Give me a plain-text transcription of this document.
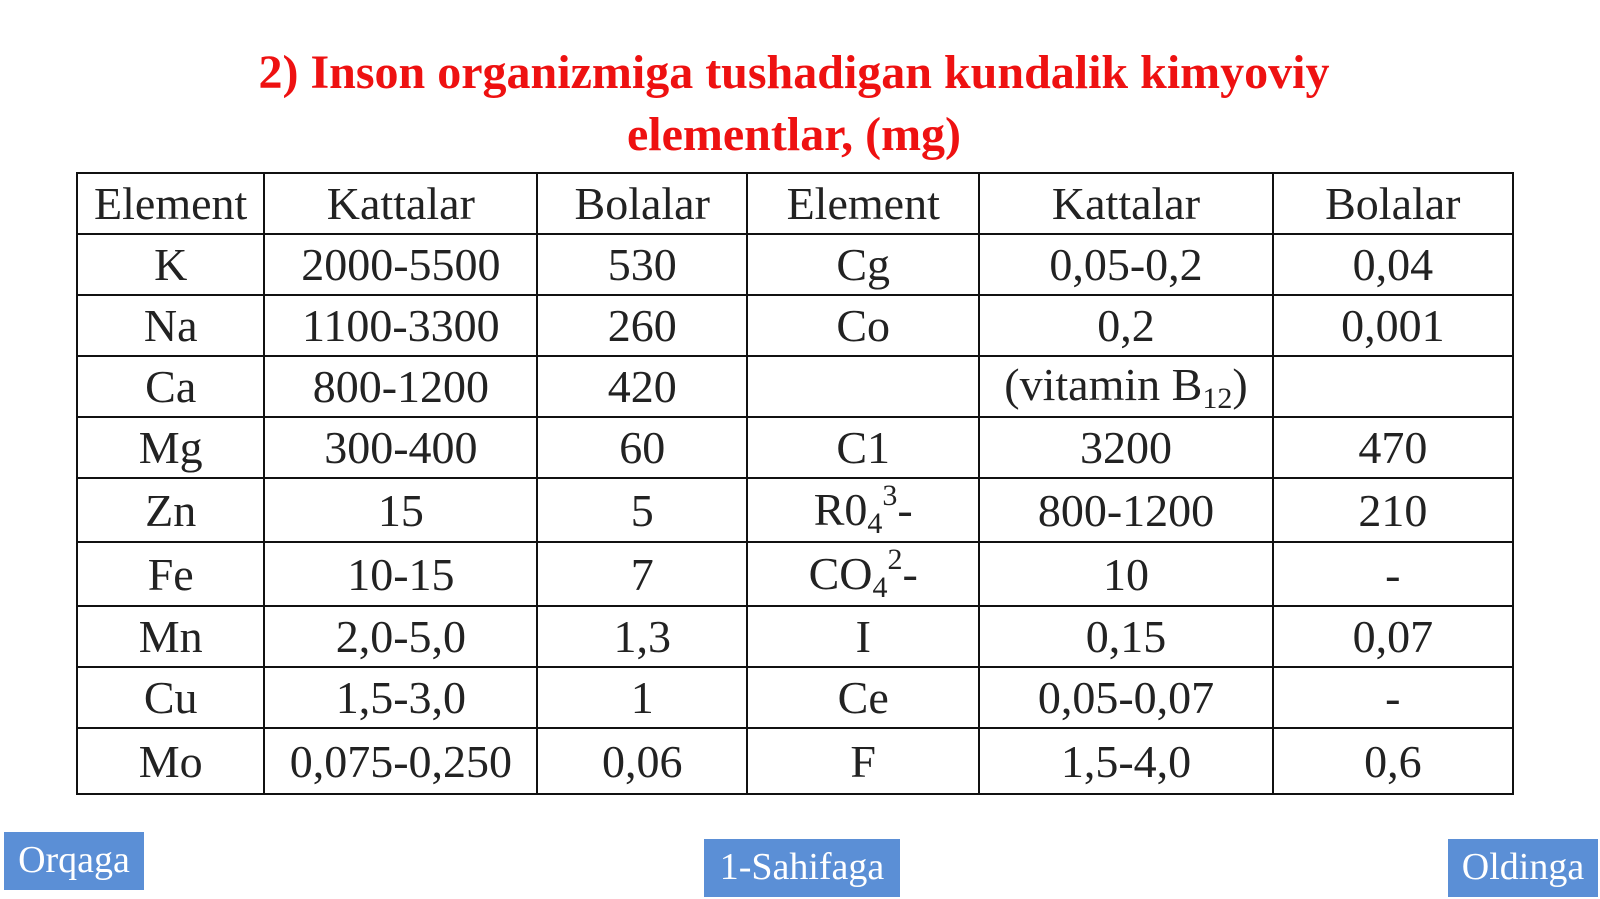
2) Inson organizmiga tushadigan kundalik kimyoviy
elementlar, (mg)
Element	Kattalar	Bolalar	Element	Kattalar	Bolalar
K	2000-5500	530	Cg	0,05-0,2	0,04
Na	1100-3300	260	Co	0,2	0,001
Ca	800-1200	420		(vitamin $B_{12}$)	
Mg	300-400	60	C1	3200	470
Zn	15	5	$R0_4^3-$	800-1200	210
Fe	10-15	7	$CO_4^2-$	10	-
Mn	2,0-5,0	1,3	I	0,15	0,07
Cu	1,5-3,0	1	Ce	0,05-0,07	-
Mo	0,075-0,250	0,06	F	1,5-4,0	0,6
Orqaga	1-Sahifaga	Oldinga
